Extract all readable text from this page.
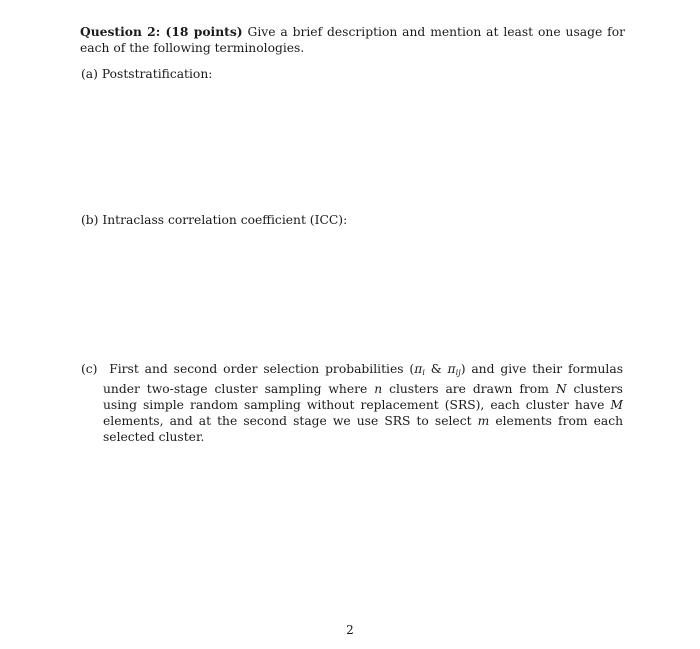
Question 2: (18 points) Give a brief description and mention at least one usage for each of the following terminologies.
(a) Poststratification:
(b) Intraclass correlation coefficient (ICC):
(c) First and second order selection probabilities ($\pi_i$ & $\pi_{ij}$) and give their formulas under two-stage cluster sampling where n clusters are drawn from N clusters using simple random sampling without replacement (SRS), each cluster have M elements, and at the second stage we use SRS to select m elements from each selected cluster.
2
